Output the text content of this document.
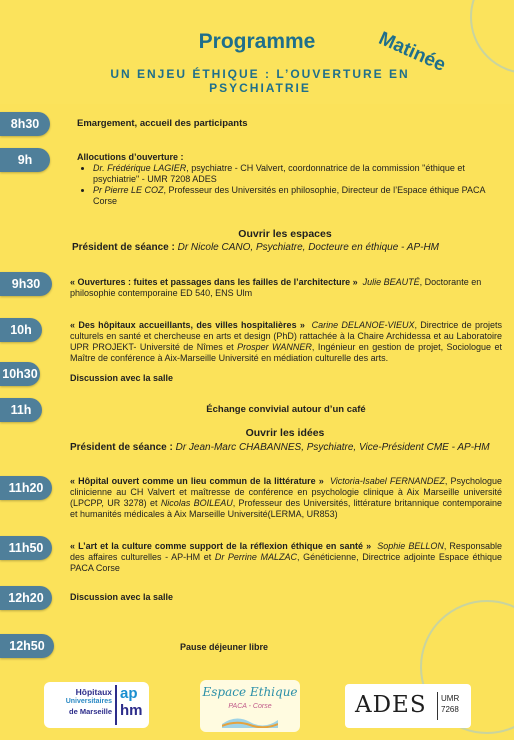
Programme	Matinée
UN ENJEU ÉTHIQUE : L’OUVERTURE EN PSYCHIATRIE
8h30	Emargement, accueil des participants
9h	Allocutions d’ouverture :
• Dr. Frédérique LAGIER, psychiatre - CH Valvert, coordonnatrice de la commission "éthique et psychiatrie" - UMR 7208 ADES
• Pr Pierre LE COZ, Professeur des Universités en philosophie, Directeur de l’Espace éthique PACA Corse
Ouvrir les espaces
Président de séance : Dr Nicole CANO, Psychiatre, Docteure en éthique - AP-HM
9h30	« Ouvertures : fuites et passages dans les failles de l’architecture » Julie BEAUTÉ, Doctorante en philosophie contemporaine ED 540, ENS Ulm
10h	« Des hôpitaux accueillants, des villes hospitalières » Carine DELANOE-VIEUX, Directrice de projets culturels en santé et chercheuse en arts et design (PhD) rattachée à la Chaire Archidessa et au Laboratoire UPR PROJEKT- Université de Nîmes et Prosper WANNER, Ingénieur en gestion de projet, Sociologue et Maître de conférence à Aix-Marseille Université en médiation culturelle des arts.
10h30	Discussion avec la salle
11h	Échange convivial autour d’un café
Ouvrir les idées
Président de séance : Dr Jean-Marc CHABANNES, Psychiatre, Vice-Président CME - AP-HM
11h20	« Hôpital ouvert comme un lieu commun de la littérature » Victoria-Isabel FERNANDEZ, Psychologue clinicienne au CH Valvert et maîtresse de conférence en psychologie clinique à Aix Marseille université (LPCPP, UR 3278) et Nicolas BOILEAU, Professeur des Universités, littérature britannique contemporaine et humanités médicales à Aix Marseille Université(LERMA, UR853)
11h50	« L’art et la culture comme support de la réflexion éthique en santé » Sophie BELLON, Responsable des affaires culturelles - AP-HM et Dr Perrine MALZAC, Généticienne, Directrice adjointe Espace éthique PACA Corse
12h20	Discussion avec la salle
12h50	Pause déjeuner libre
Hôpitaux
Universitaires
de Marseille
ap
hm
Espace Ethique
PACA - Corse	ADES UMR
7268
